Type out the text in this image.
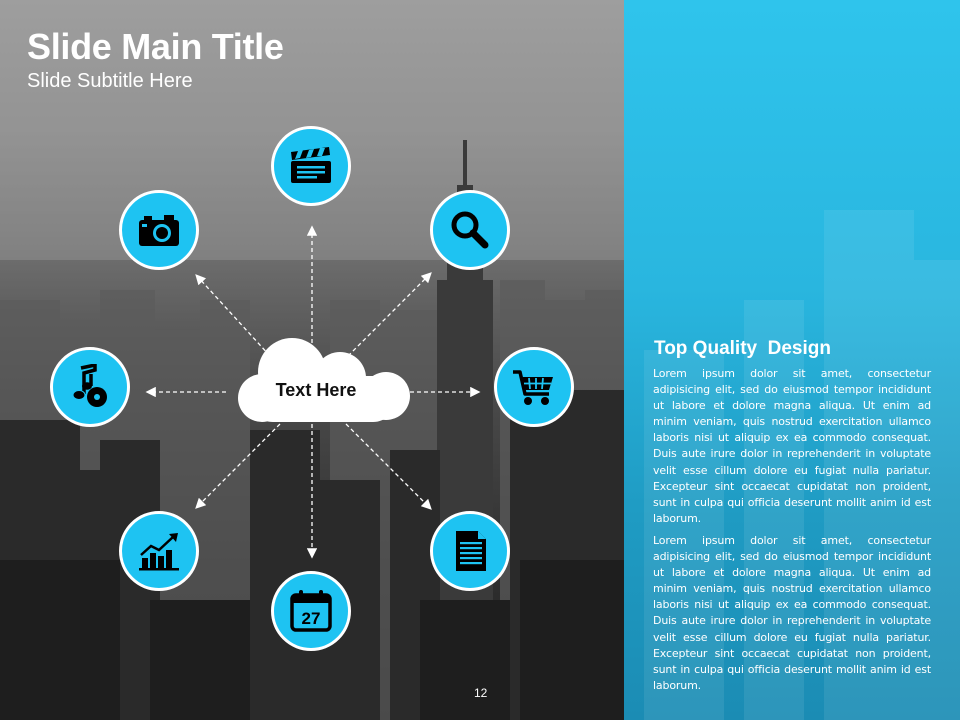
Slide Main Title
Slide Subtitle Here
Text Here
27
Top Quality  Design
Lorem ipsum dolor sit amet, consectetur adipisicing elit, sed do eiusmod tempor incididunt ut labore et dolore magna aliqua. Ut enim ad minim veniam, quis nostrud exercitation ullamco laboris nisi ut aliquip ex ea commodo consequat. Duis aute irure dolor in reprehenderit in voluptate velit esse cillum dolore eu fugiat nulla pariatur. Excepteur sint occaecat cupidatat non proident, sunt in culpa qui officia deserunt mollit anim id est laborum.
Lorem ipsum dolor sit amet, consectetur adipisicing elit, sed do eiusmod tempor incididunt ut labore et dolore magna aliqua. Ut enim ad minim veniam, quis nostrud exercitation ullamco laboris nisi ut aliquip ex ea commodo consequat. Duis aute irure dolor in reprehenderit in voluptate velit esse cillum dolore eu fugiat nulla pariatur. Excepteur sint occaecat cupidatat non proident, sunt in culpa qui officia deserunt mollit anim id est laborum.
12
